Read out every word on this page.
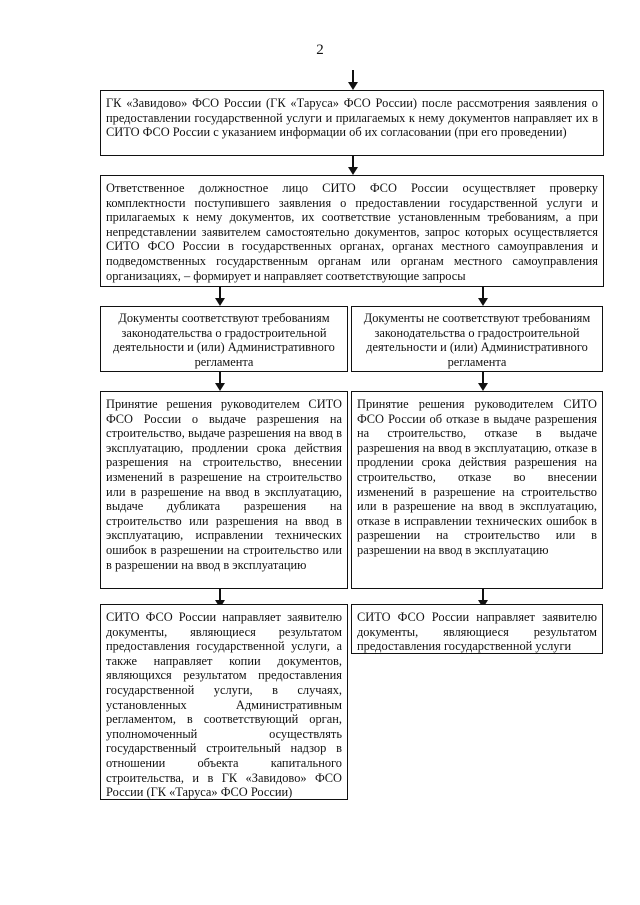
2

ГК «Завидово» ФСО России (ГК «Таруса» ФСО России) после рассмотрения заявления о предоставлении государственной услуги и прилагаемых к нему документов направляет их в СИТО ФСО России с указанием информации об их согласовании (при его проведении)

Ответственное должностное лицо СИТО ФСО России осуществляет проверку комплектности поступившего заявления о предоставлении государственной услуги и прилагаемых к нему документов, их соответствие установленным требованиям, а при непредставлении заявителем самостоятельно документов, запрос которых осуществляется СИТО ФСО России в государственных органах, органах местного самоуправления и подведомственных государственным органам или органам местного самоуправления организациях, – формирует и направляет соответствующие запросы

Документы соответствуют требованиям законодательства о градостроительной деятельности и (или) Административного регламента

Документы не соответствуют требованиям законодательства о градостроительной деятельности и (или) Административного регламента

Принятие решения руководителем СИТО ФСО России о выдаче разрешения на строительство, выдаче разрешения на ввод в эксплуатацию, продлении срока действия разрешения на строительство, внесении изменений в разрешение на строительство или в разрешение на ввод в эксплуатацию, выдаче дубликата разрешения на строительство или разрешения на ввод в эксплуатацию, исправлении технических ошибок в разрешении на строительство или в разрешении на ввод в эксплуатацию

Принятие решения руководителем СИТО ФСО России об отказе в выдаче разрешения на строительство, отказе в выдаче разрешения на ввод в эксплуатацию, отказе в продлении срока действия разрешения на строительство, отказе во внесении изменений в разрешение на строительство или в разрешение на ввод в эксплуатацию, отказе в исправлении технических ошибок в разрешении на строительство или в разрешении на ввод в эксплуатацию

СИТО ФСО России направляет заявителю документы, являющиеся результатом предоставления государственной услуги, а также направляет копии документов, являющихся результатом предоставления государственной услуги, в случаях, установленных Административным регламентом, в соответствующий орган, уполномоченный осуществлять государственный строительный надзор в отношении объекта капитального строительства, и в ГК «Завидово» ФСО России (ГК «Таруса» ФСО России)

СИТО ФСО России направляет заявителю документы, являющиеся результатом предоставления государственной услуги
